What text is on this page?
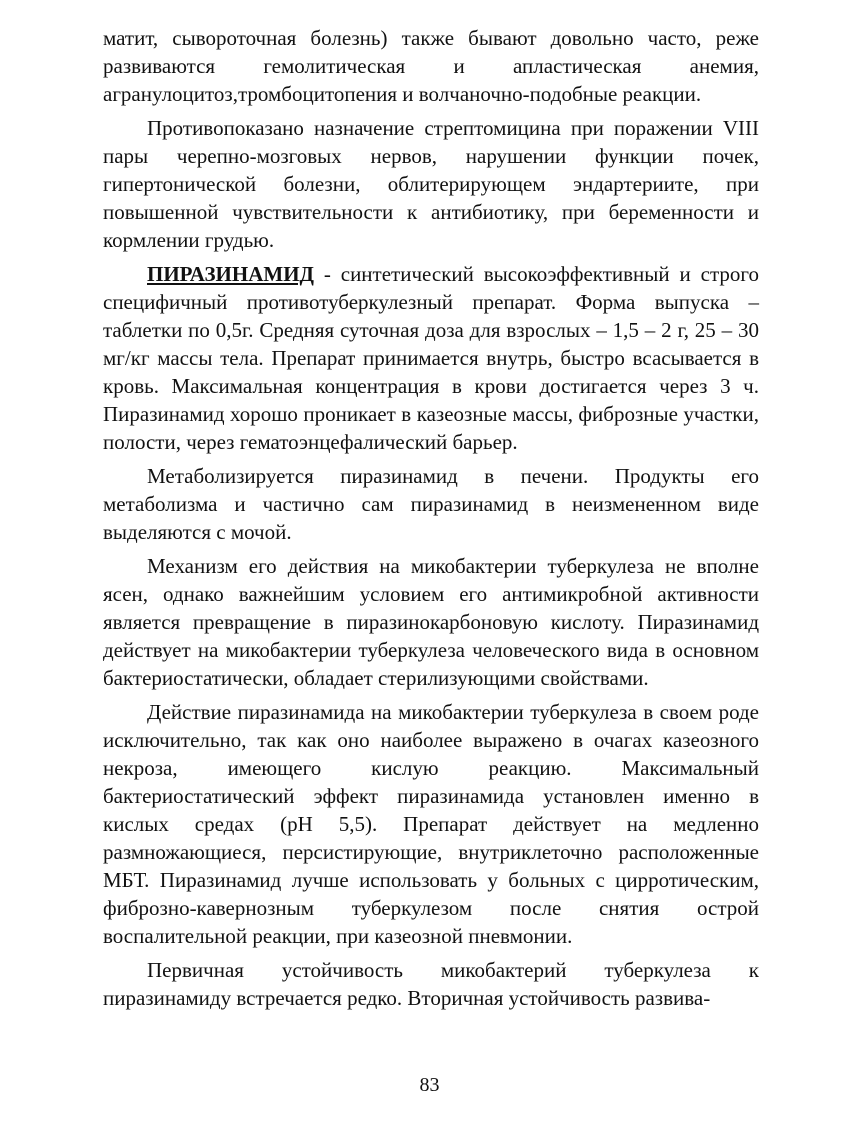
матит, сывороточная болезнь) также бывают довольно часто, реже развиваются гемолитическая и апластическая анемия, агранулоцитоз,тромбоцитопения и волчаночно-подобные реакции.

Противопоказано назначение стрептомицина при поражении VIII пары черепно-мозговых нервов, нарушении функции почек, гипертонической болезни, облитерирующем эндартериите, при повышенной чувствительности к антибиотику, при беременности и кормлении грудью.

ПИРАЗИНАМИД - синтетический высокоэффективный и строго специфичный противотуберкулезный препарат. Форма выпуска – таблетки по 0,5г. Средняя суточная доза для взрослых – 1,5 – 2 г, 25 – 30 мг/кг массы тела. Препарат принимается внутрь, быстро всасывается в кровь. Максимальная концентрация в крови достигается через 3 ч. Пиразинамид хорошо проникает в казеозные массы, фиброзные участки, полости, через гематоэнцефалический барьер.

Метаболизируется пиразинамид в печени. Продукты его метаболизма и частично сам пиразинамид в неизмененном виде выделяются с мочой.

Механизм его действия на микобактерии туберкулеза не вполне ясен, однако важнейшим условием его антимикробной активности является превращение в пиразинокарбоновую кислоту. Пиразинамид действует на микобактерии туберкулеза человеческого вида в основном бактериостатически, обладает стерилизующими свойствами.

Действие пиразинамида на микобактерии туберкулеза в своем роде исключительно, так как оно наиболее выражено в очагах казеозного некроза, имеющего кислую реакцию. Максимальный бактериостатический эффект пиразинамида установлен именно в кислых средах (рН 5,5). Препарат действует на медленно размножающиеся, персистирующие, внутриклеточно расположенные МБТ. Пиразинамид лучше использовать у больных с цирротическим, фиброзно-кавернозным туберкулезом после снятия острой воспалительной реакции, при казеозной пневмонии.

Первичная устойчивость микобактерий туберкулеза к пиразинамиду встречается редко. Вторичная устойчивость развива-

83
